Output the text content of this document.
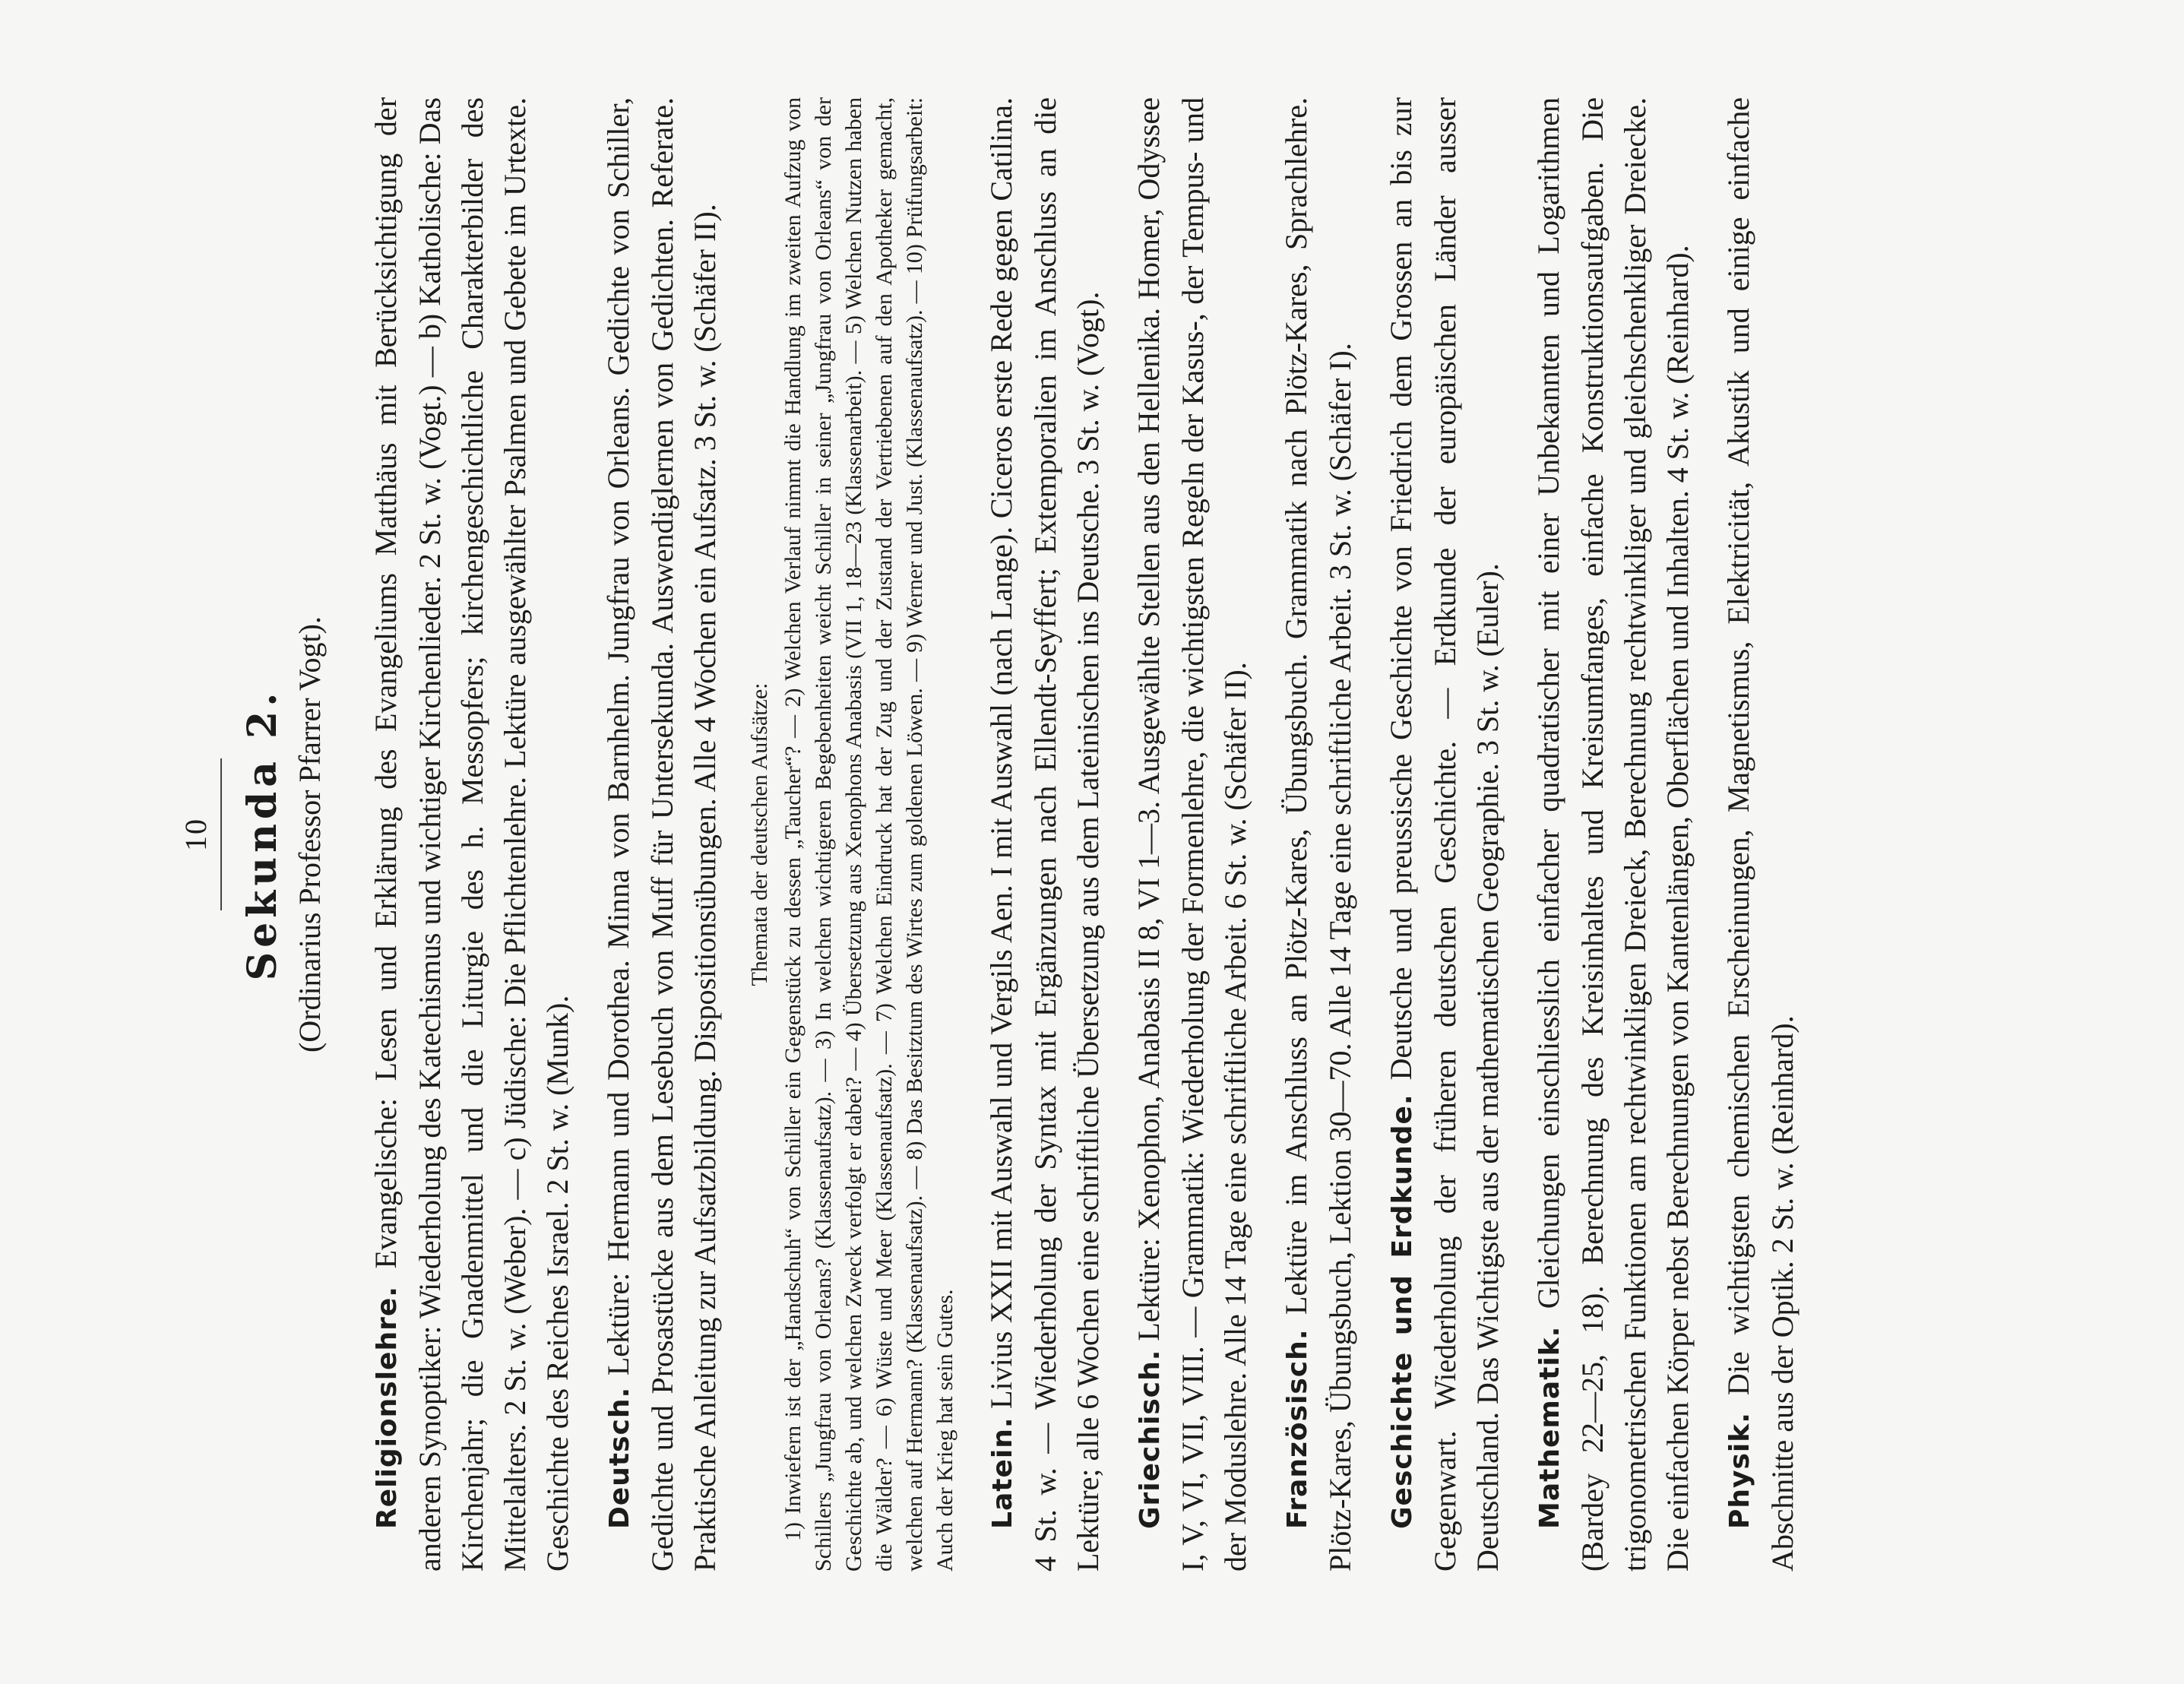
10 Sekunda 2. (Ordinarius Professor Pfarrer Vogt).

Religionslehre. Evangelische: Lesen und Erklärung des Evangeliums Matthäus mit Berücksichtigung der anderen Synoptiker: Wiederholung des Katechismus und wichtiger Kirchenlieder. 2 St. w. (Vogt.) — b) Katholische: Das Kirchenjahr; die Gnadenmittel und die Liturgie des h. Messopfers; kirchengeschichtliche Charakterbilder des Mittelalters. 2 St. w. (Weber). — c) Jüdische: Die Pflichtenlehre. Lektüre ausgewählter Psalmen und Gebete im Urtexte. Geschichte des Reiches Israel. 2 St. w. (Munk). Deutsch. Lektüre: Hermann und Dorothea. Minna von Barnhelm. Jungfrau von Orleans. Gedichte von Schiller, Gedichte und Prosastücke aus dem Lesebuch von Muff für Untersekunda. Auswendiglernen von Gedichten. Referate. Praktische Anleitung zur Aufsatzbildung. Dispositionsübungen. Alle 4 Wochen ein Aufsatz. 3 St. w. (Schäfer II). Themata der deutschen Aufsätze: 1) Inwiefern ist der „Handschuh“ von Schiller ein Gegenstück zu dessen „Taucher“? — 2) Welchen Verlauf nimmt die Handlung im zweiten Aufzug von Schillers „Jungfrau von Orleans? (Klassenaufsatz). — 3) In welchen wichtigeren Begebenheiten weicht Schiller in seiner „Jungfrau von Orleans“ von der Geschichte ab, und welchen Zweck verfolgt er dabei? — 4) Übersetzung aus Xenophons Anabasis (VII 1, 18—23 (Klassenarbeit). — 5) Welchen Nutzen haben die Wälder? — 6) Wüste und Meer (Klassenaufsatz). — 7) Welchen Eindruck hat der Zug und der Zustand der Vertriebenen auf den Apotheker gemacht, welchen auf Hermann? (Klassenaufsatz). — 8) Das Besitztum des Wirtes zum goldenen Löwen. — 9) Werner und Just. (Klassenaufsatz). — 10) Prüfungsarbeit: Auch der Krieg hat sein Gutes. Latein. Livius XXII mit Auswahl und Vergils Aen. I mit Auswahl (nach Lange). Ciceros erste Rede gegen Catilina. 4 St. w. — Wiederholung der Syntax mit Ergänzungen nach Ellendt-Seyffert; Extemporalien im Anschluss an die Lektüre; alle 6 Wochen eine schriftliche Übersetzung aus dem Lateinischen ins Deutsche. 3 St. w. (Vogt). Griechisch. Lektüre: Xenophon, Anabasis II 8, VI 1—3. Ausgewählte Stellen aus den Hellenika. Homer, Odyssee I, V, VI, VII, VIII. — Grammatik: Wiederholung der Formenlehre, die wichtigsten Regeln der Kasus-, der Tempus- und der Moduslehre. Alle 14 Tage eine schriftliche Arbeit. 6 St. w. (Schäfer II). Französisch. Lektüre im Anschluss an Plötz-Kares, Übungsbuch. Grammatik nach Plötz-Kares, Sprachlehre. Plötz-Kares, Übungsbuch, Lektion 30—70. Alle 14 Tage eine schriftliche Arbeit. 3 St. w. (Schäfer I). Geschichte und Erdkunde. Deutsche und preussische Geschichte von Friedrich dem Grossen an bis zur Gegenwart. Wiederholung der früheren deutschen Geschichte. — Erdkunde der europäischen Länder ausser Deutschland. Das Wichtigste aus der mathematischen Geographie. 3 St. w. (Euler). Mathematik. Gleichungen einschliesslich einfacher quadratischer mit einer Unbekannten und Logarithmen (Bardey 22—25, 18). Berechnung des Kreisinhaltes und Kreisumfanges, einfache Konstruktionsaufgaben. Die trigonometrischen Funktionen am rechtwinkligen Dreieck, Berechnung rechtwinkliger und gleichschenkliger Dreiecke. Die einfachen Körper nebst Berechnungen von Kantenlängen, Oberflächen und Inhalten. 4 St. w. (Reinhard). Physik. Die wichtigsten chemischen Erscheinungen, Magnetismus, Elektricität, Akustik und einige einfache Abschnitte aus der Optik. 2 St. w. (Reinhard).
